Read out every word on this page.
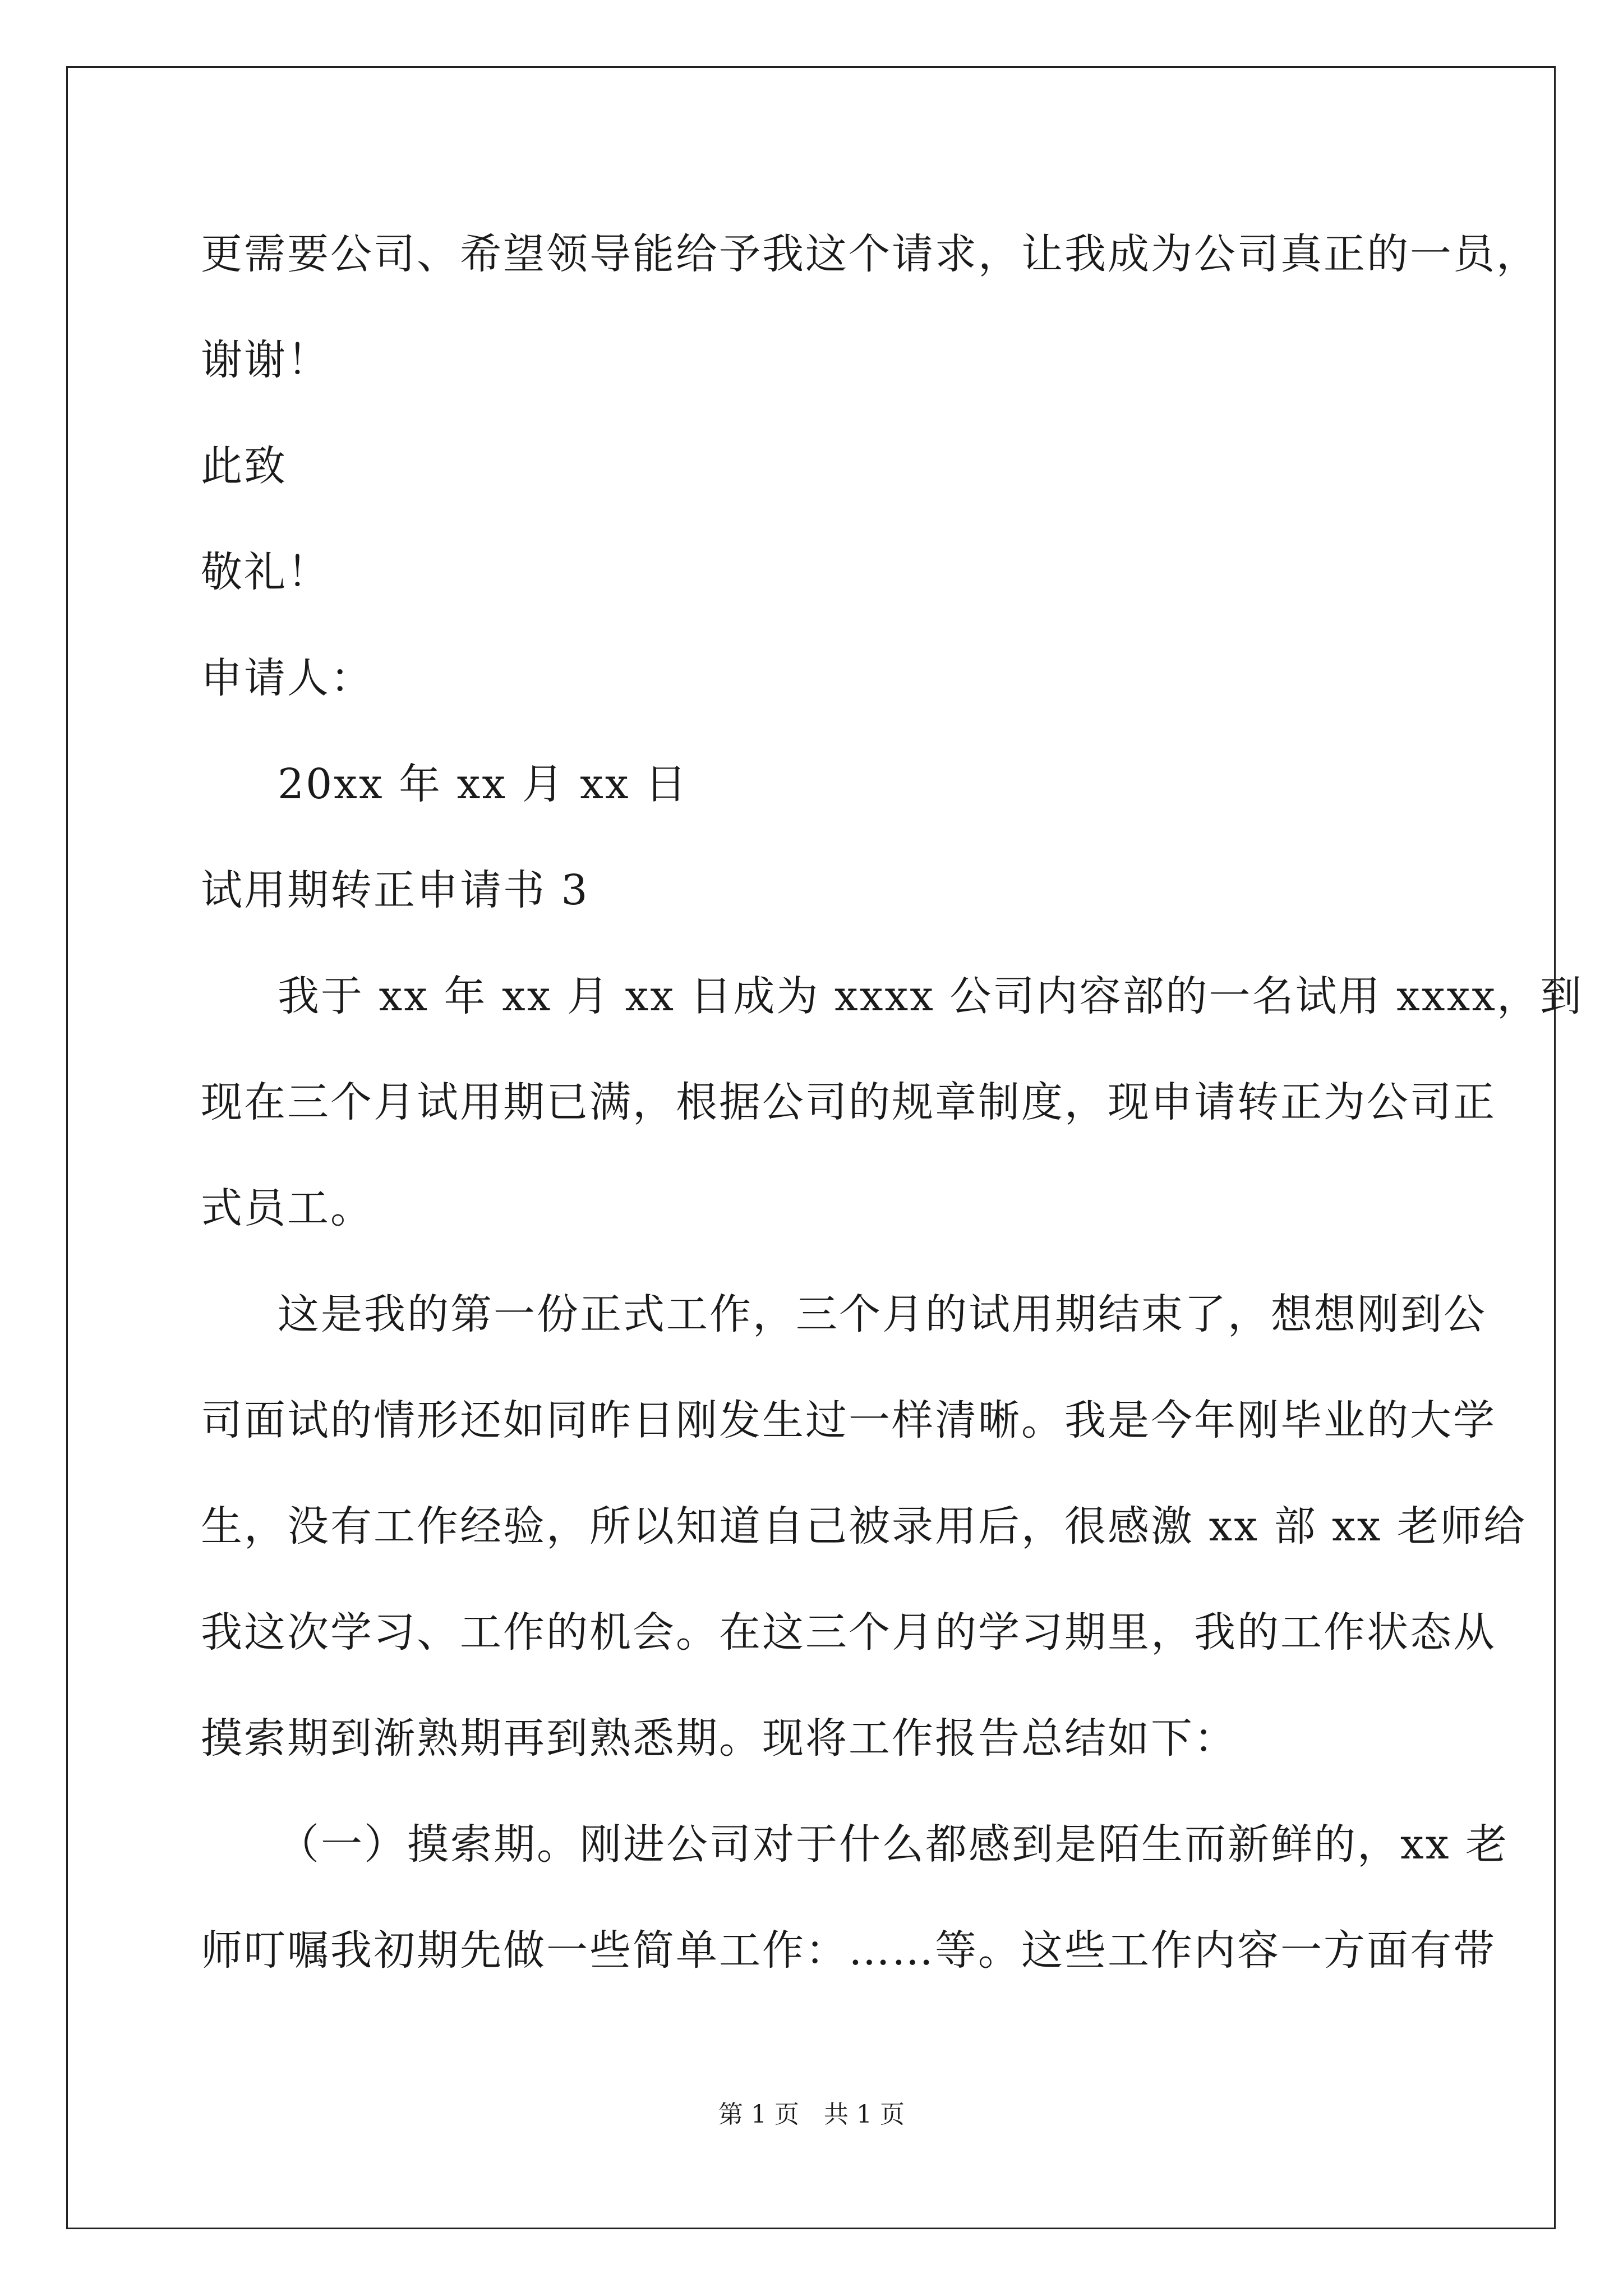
更需要公司、希望领导能给予我这个请求，让我成为公司真正的一员，
谢谢！
此致
敬礼！
申请人：
20xx 年 xx 月 xx 日
试用期转正申请书 3
我于 xx 年 xx 月 xx 日成为 xxxx 公司内容部的一名试用 xxxx，到
现在三个月试用期已满，根据公司的规章制度，现申请转正为公司正
式员工。
这是我的第一份正式工作，三个月的试用期结束了，想想刚到公
司面试的情形还如同昨日刚发生过一样清晰。我是今年刚毕业的大学
生，没有工作经验，所以知道自己被录用后，很感激 xx 部 xx 老师给
我这次学习、工作的机会。在这三个月的学习期里，我的工作状态从
摸索期到渐熟期再到熟悉期。现将工作报告总结如下：
（一）摸索期。刚进公司对于什么都感到是陌生而新鲜的，xx 老
师叮嘱我初期先做一些简单工作：……等。这些工作内容一方面有带
第 1 页　共 1 页
